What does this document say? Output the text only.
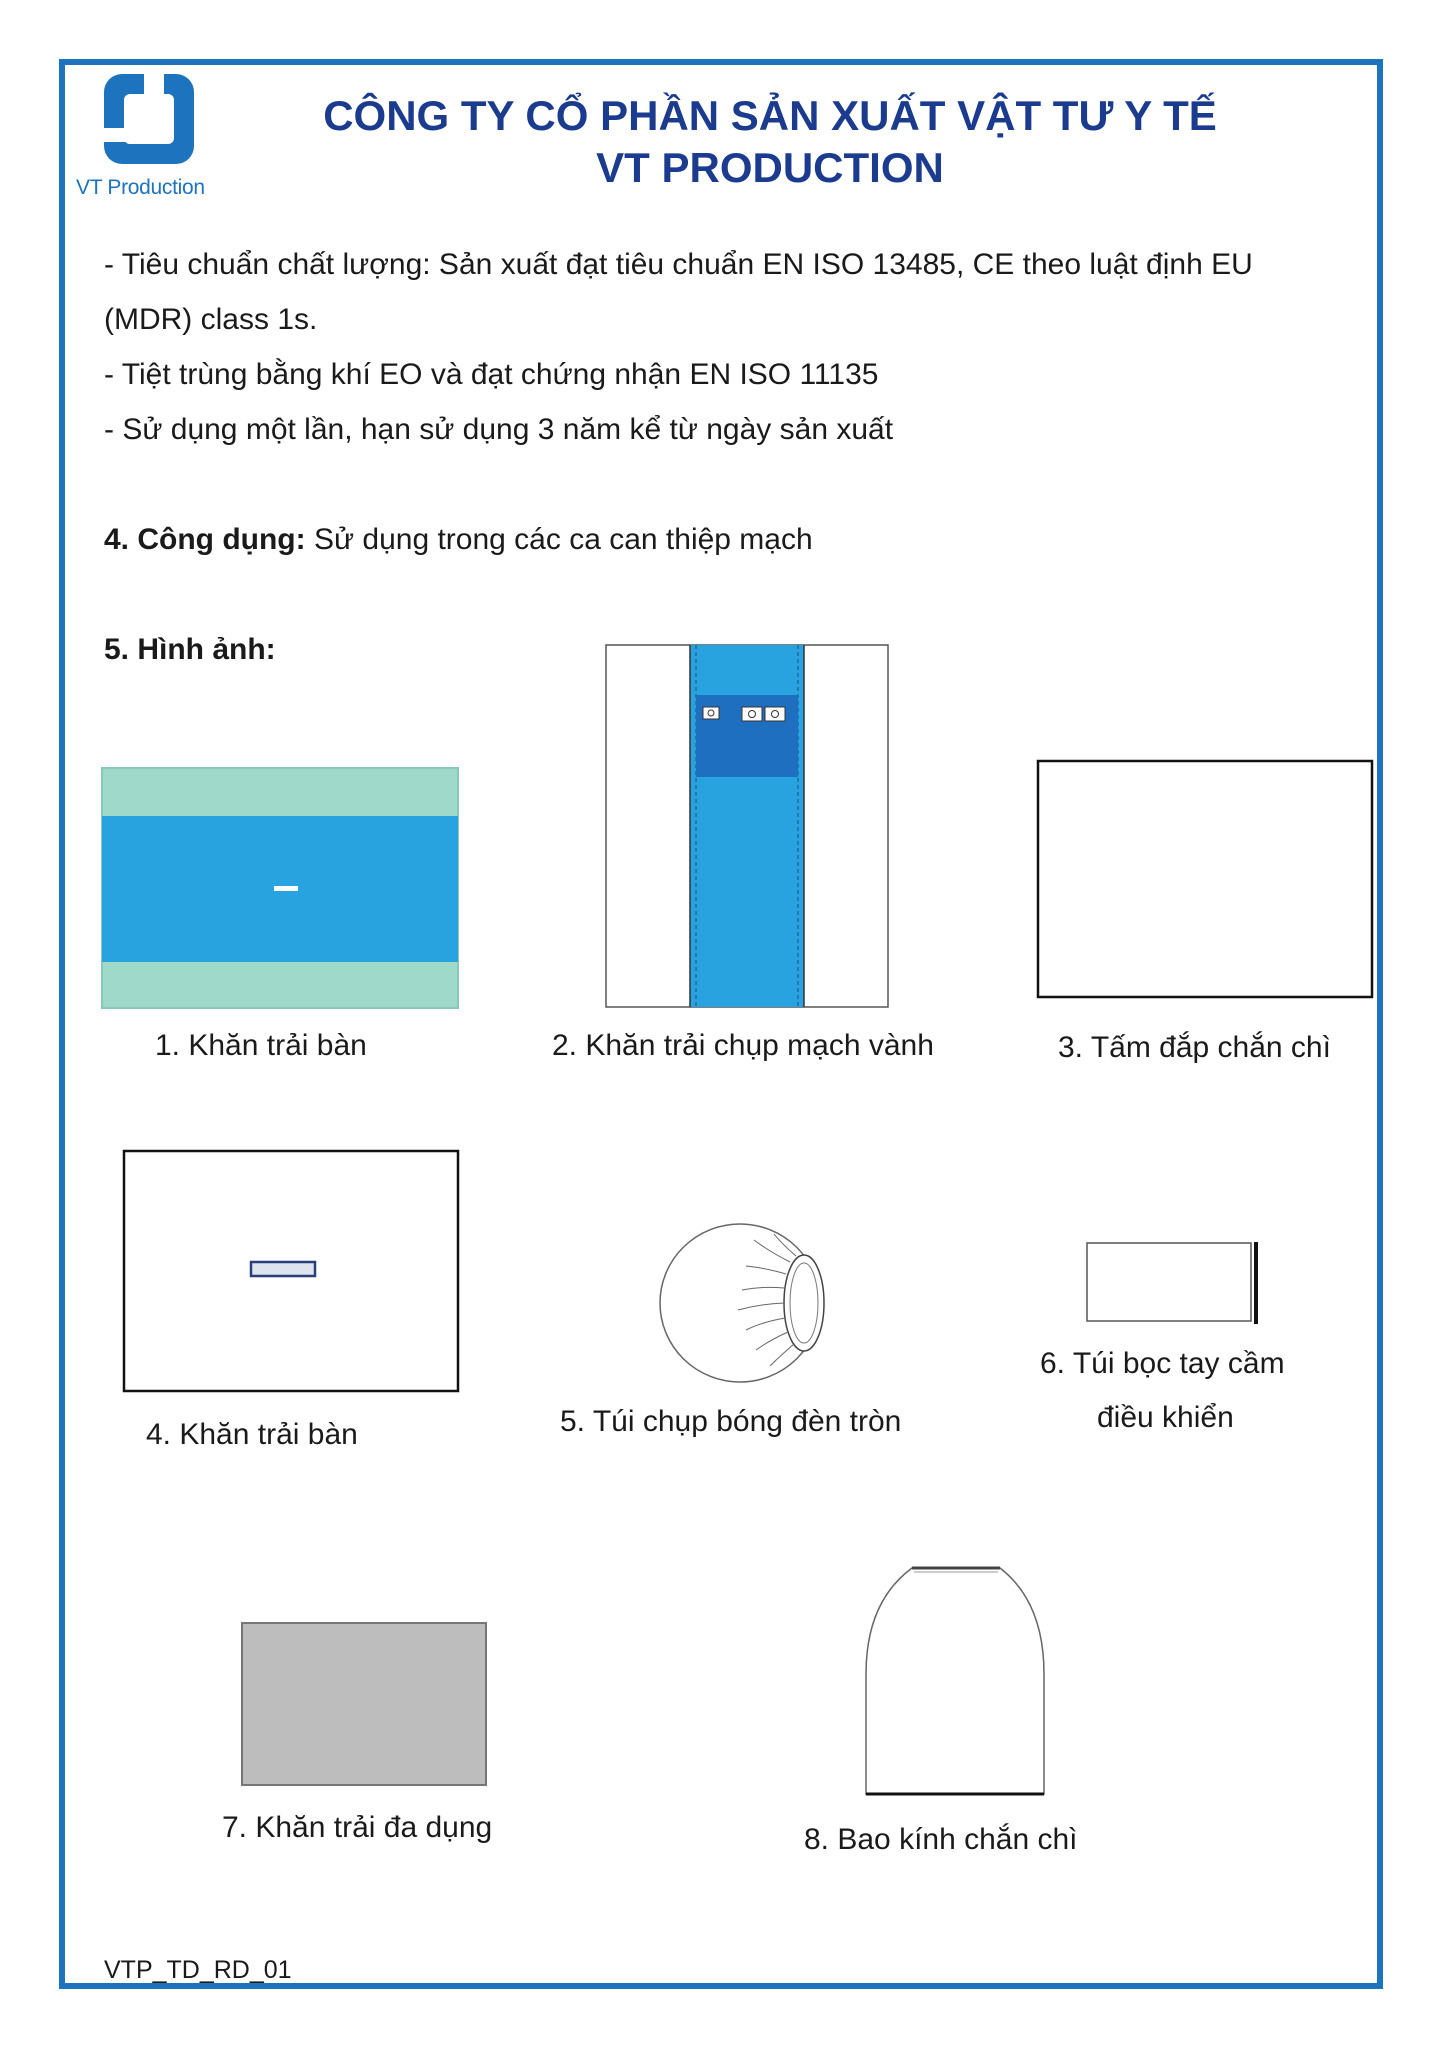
VT Production
CÔNG TY CỔ PHẦN SẢN XUẤT VẬT TƯ Y TẾ
VT PRODUCTION
- Tiêu chuẩn chất lượng: Sản xuất đạt tiêu chuẩn EN ISO 13485, CE theo luật định EU
(MDR) class 1s.
- Tiệt trùng bằng khí EO và đạt chứng nhận EN ISO 11135
- Sử dụng một lần, hạn sử dụng 3 năm kể từ ngày sản xuất
4. Công dụng: Sử dụng trong các ca can thiệp mạch
5. Hình ảnh:
1. Khăn trải bàn	2. Khăn trải chụp mạch vành	3. Tấm đắp chắn chì
4. Khăn trải bàn	5. Túi chụp bóng đèn tròn
6. Túi bọc tay cầm
điều khiển
7. Khăn trải đa dụng	8. Bao kính chắn chì
VTP_TD_RD_01
